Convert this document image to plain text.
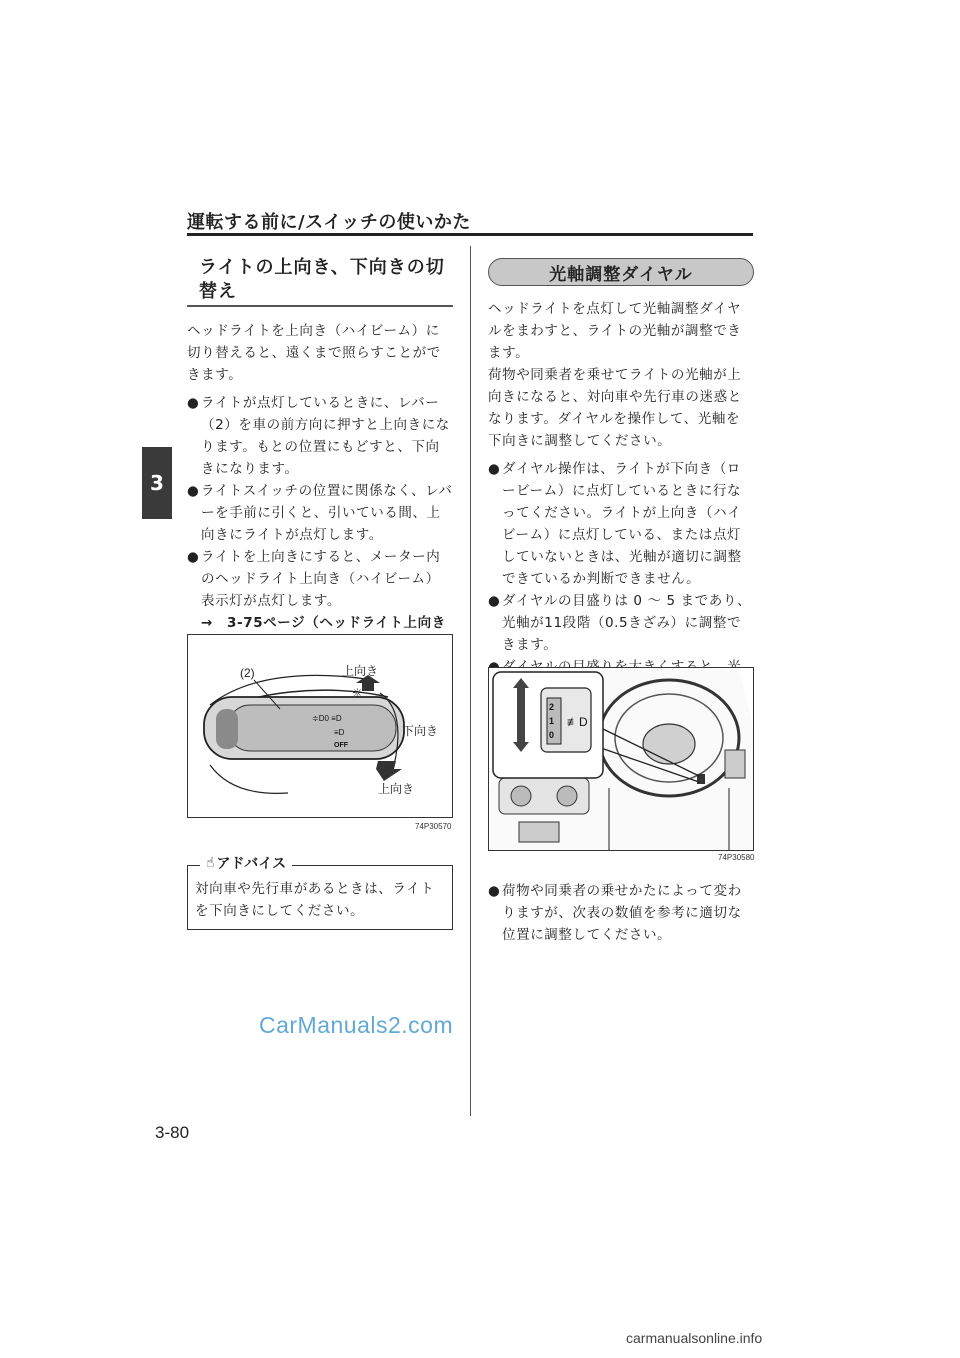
運転する前に/スイッチの使いかた
3
ライトの上向き、下向きの切替え
ヘッドライトを上向き（ハイビーム）に切り替えると、遠くまで照らすことができます。
● ライトが点灯しているときに、レバー（2）を車の前方向に押すと上向きになります。もとの位置にもどすと、下向きになります。
● ライトスイッチの位置に関係なく、レバーを手前に引くと、引いている間、上向きにライトが点灯します。
● ライトを上向きにすると、メーター内のヘッドライト上向き（ハイビーム）表示灯が点灯します。
→	3-75ページ（ヘッドライト上向き
≑D0 ≡D
≡D
OFF
☼
(2)	上向き
下向き
上向き
74P30570
☝ アドバイス
対向車や先行車があるときは、ライトを下向きにしてください。
光軸調整ダイヤル
ヘッドライトを点灯して光軸調整ダイヤルをまわすと、ライトの光軸が調整できます。
荷物や同乗者を乗せてライトの光軸が上向きになると、対向車や先行車の迷惑となります。ダイヤルを操作して、光軸を下向きに調整してください。
● ダイヤル操作は、ライトが下向き（ロービーム）に点灯しているときに行なってください。ライトが上向き（ハイビーム）に点灯している、または点灯していないときは、光軸が適切に調整できているか判断できません。
● ダイヤルの目盛りは 0 ～ 5 まであり、光軸が11段階（0.5きざみ）に調整できます。
2
1
0
≢D
74P30580
● 荷物や同乗者の乗せかたによって変わりますが、次表の数値を参考に適切な位置に調整してください。
CarManuals2.com
3-80
carmanualsonline.info
